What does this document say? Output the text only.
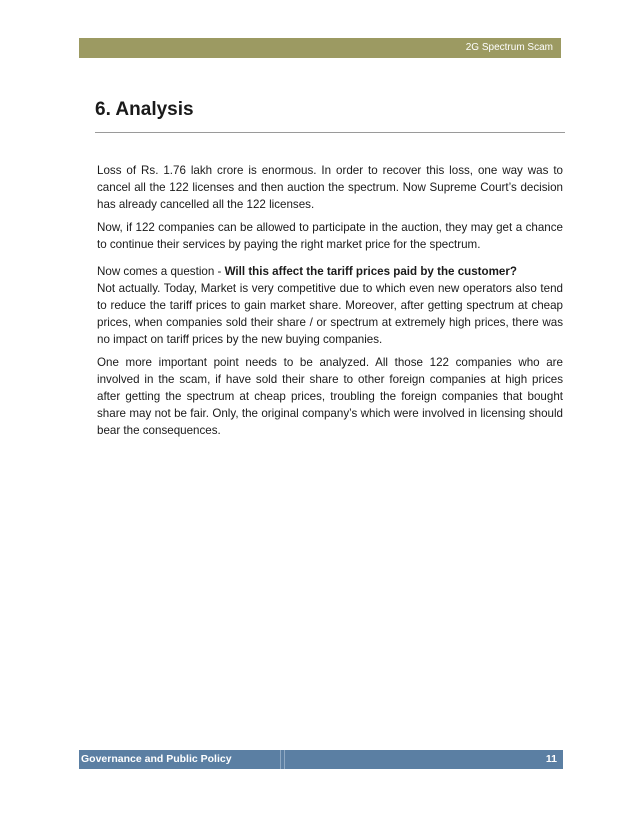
2G Spectrum Scam
6. Analysis

Loss of Rs. 1.76 lakh crore is enormous. In order to recover this loss, one way was to cancel all the 122 licenses and then auction the spectrum. Now Supreme Court’s decision has already cancelled all the 122 licenses.

Now, if 122 companies can be allowed to participate in the auction, they may get a chance to continue their services by paying the right market price for the spectrum.

Now comes a question - Will this affect the tariff prices paid by the customer?

Not actually. Today, Market is very competitive due to which even new operators also tend to reduce the tariff prices to gain market share. Moreover, after getting spectrum at cheap prices, when companies sold their share / or spectrum at extremely high prices, there was no impact on tariff prices by the new buying companies.

One more important point needs to be analyzed. All those 122 companies who are involved in the scam, if have sold their share to other foreign companies at high prices after getting the spectrum at cheap prices, troubling the foreign companies that bought share may not be fair. Only, the original company’s which were involved in licensing should bear the consequences.

Governance and Public Policy	11
